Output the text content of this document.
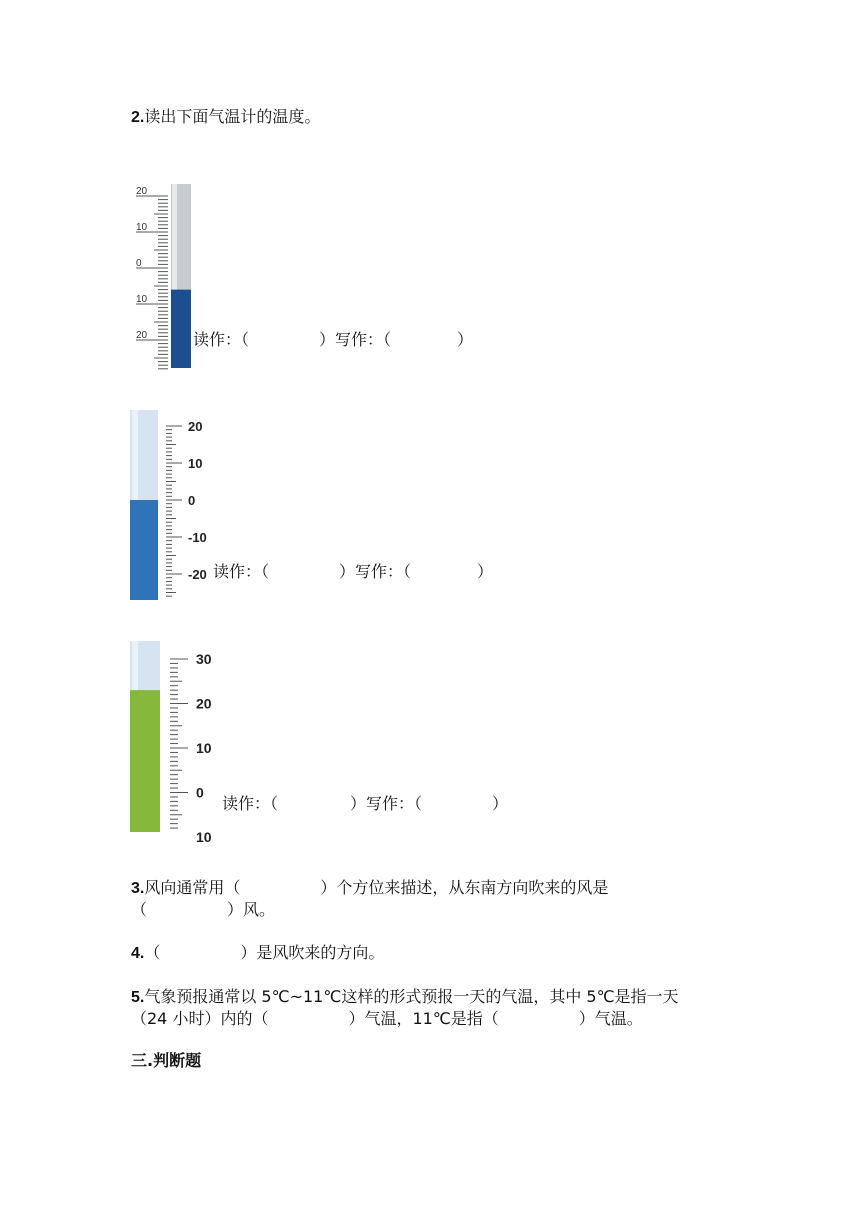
2.读出下面气温计的温度。
20
10
0
10
20	读作：（	）写作：（	）
20
10
0
-10
-20 读作：（	）写作：（	）
30
20
10
0
10
读作：（	）写作：（	）
3.风向通常用（	）个方位来描述，从东南方向吹来的风是
（	）风。
4.（	）是风吹来的方向。
5.气象预报通常以 5℃~11℃这样的形式预报一天的气温，其中 5℃是指一天
（24 小时）内的（	）气温，11℃是指（	）气温。
三.判断题
